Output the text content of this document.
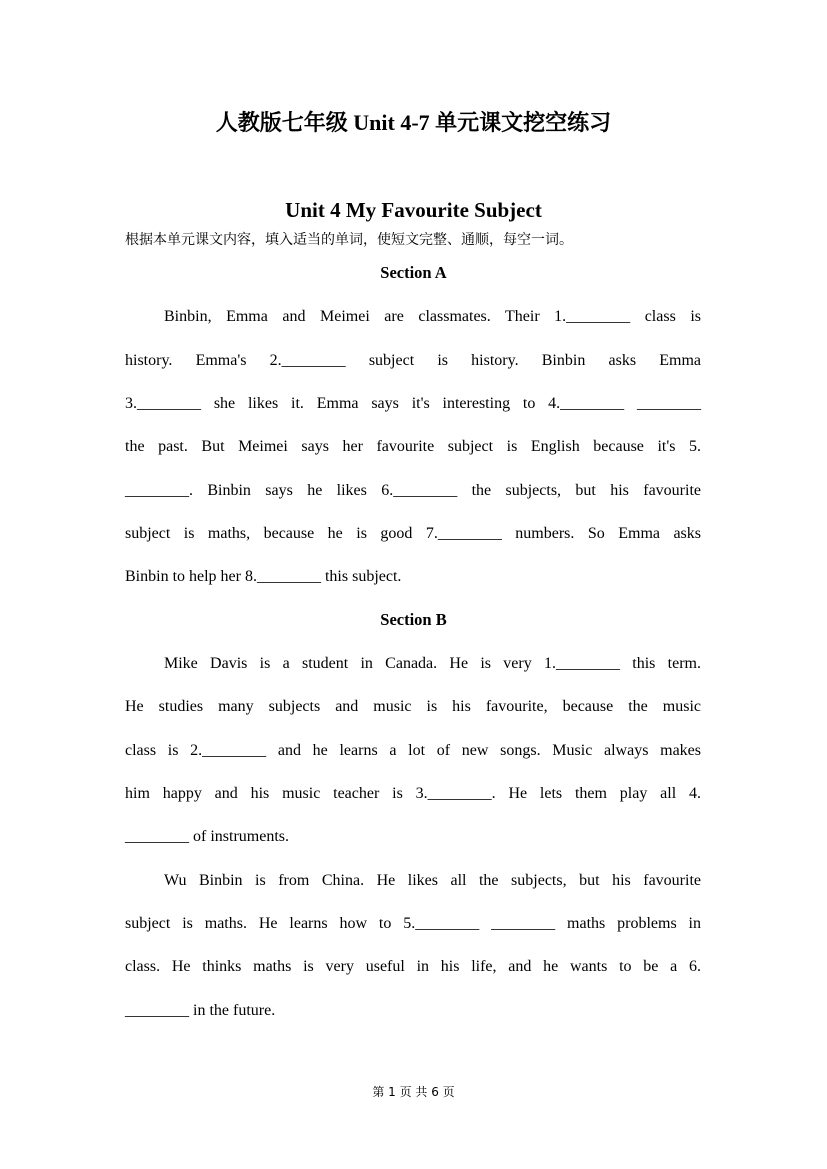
人教版七年级 Unit 4-7 单元课文挖空练习
Unit 4 My Favourite Subject
根据本单元课文内容，填入适当的单词，使短文完整、通顺，每空一词。
Section A
Binbin, Emma and Meimei are classmates. Their 1.________ class is
history. Emma's 2.________ subject is history. Binbin asks Emma
3.________ she likes it. Emma says it's interesting to 4.________ ________
the past. But Meimei says her favourite subject is English because it's 5.
________. Binbin says he likes 6.________ the subjects, but his favourite
subject is maths, because he is good 7.________ numbers. So Emma asks
Binbin to help her 8.________ this subject.
Section B
Mike Davis is a student in Canada. He is very 1.________ this term.
He studies many subjects and music is his favourite, because the music
class is 2.________ and he learns a lot of new songs. Music always makes
him happy and his music teacher is 3.________. He lets them play all 4.
________ of instruments.
Wu Binbin is from China. He likes all the subjects, but his favourite
subject is maths. He learns how to 5.________ ________ maths problems in
class. He thinks maths is very useful in his life, and he wants to be a 6.
________ in the future.
第 1 页 共 6 页
